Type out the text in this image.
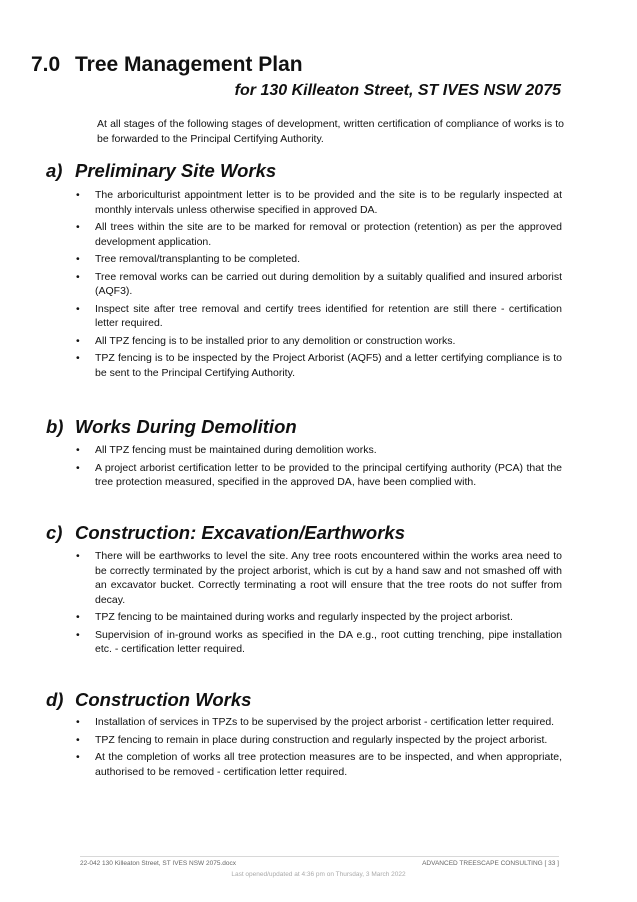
7.0 Tree Management Plan
for 130 Killeaton Street, ST IVES NSW 2075
At all stages of the following stages of development, written certification of compliance of works is to be forwarded to the Principal Certifying Authority.
a) Preliminary Site Works
• The arboriculturist appointment letter is to be provided and the site is to be regularly inspected at monthly intervals unless otherwise specified in approved DA.
• All trees within the site are to be marked for removal or protection (retention) as per the approved development application.
• Tree removal/transplanting to be completed.
• Tree removal works can be carried out during demolition by a suitably qualified and insured arborist (AQF3).
• Inspect site after tree removal and certify trees identified for retention are still there - certification letter required.
• All TPZ fencing is to be installed prior to any demolition or construction works.
• TPZ fencing is to be inspected by the Project Arborist (AQF5) and a letter certifying compliance is to be sent to the Principal Certifying Authority.
b) Works During Demolition
• All TPZ fencing must be maintained during demolition works.
• A project arborist certification letter to be provided to the principal certifying authority (PCA) that the tree protection measured, specified in the approved DA, have been complied with.
c) Construction: Excavation/Earthworks
• There will be earthworks to level the site. Any tree roots encountered within the works area need to be correctly terminated by the project arborist, which is cut by a hand saw and not smashed off with an excavator bucket. Correctly terminating a root will ensure that the tree roots do not suffer from decay.
• TPZ fencing to be maintained during works and regularly inspected by the project arborist.
• Supervision of in-ground works as specified in the DA e.g., root cutting trenching, pipe installation etc. - certification letter required.
d) Construction Works
• Installation of services in TPZs to be supervised by the project arborist - certification letter required.
• TPZ fencing to remain in place during construction and regularly inspected by the project arborist.
• At the completion of works all tree protection measures are to be inspected, and when appropriate, authorised to be removed - certification letter required.
22-042 130 Killeaton Street, ST IVES NSW 2075.docx	ADVANCED TREESCAPE CONSULTING [ 33 ]
Last opened/updated at 4:36 pm on Thursday, 3 March 2022
